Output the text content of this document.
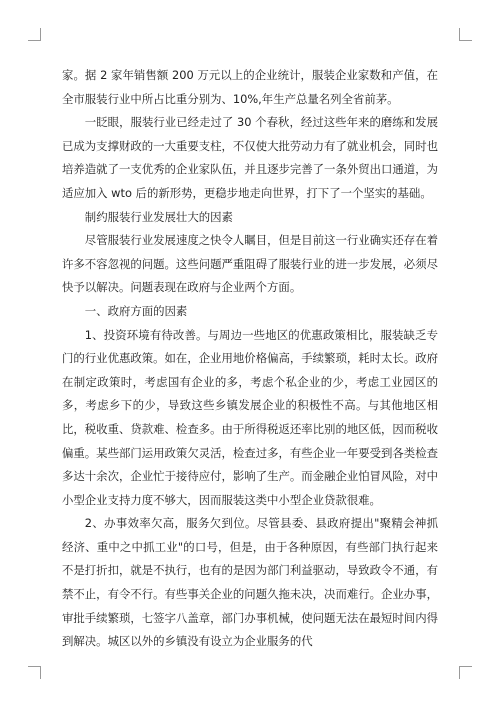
家。据 2 家年销售额 200 万元以上的企业统计，服装企业家数和产值，在全市服装行业中所占比重分别为、10%,年生产总量名列全省前茅。

一眨眼，服装行业已经走过了 30 个春秋，经过这些年来的磨练和发展已成为支撑财政的一大重要支柱，不仅使大批劳动力有了就业机会，同时也培养造就了一支优秀的企业家队伍，并且逐步完善了一条外贸出口通道，为适应加入 wto 后的新形势，更稳步地走向世界，打下了一个坚实的基础。

制约服装行业发展壮大的因素

尽管服装行业发展速度之快令人瞩目，但是目前这一行业确实还存在着许多不容忽视的问题。这些问题严重阻碍了服装行业的进一步发展，必须尽快予以解决。问题表现在政府与企业两个方面。

一、政府方面的因素

1、投资环境有待改善。与周边一些地区的优惠政策相比，服装缺乏专门的行业优惠政策。如在，企业用地价格偏高，手续繁琐，耗时太长。政府在制定政策时，考虑国有企业的多，考虑个私企业的少，考虑工业园区的多，考虑乡下的少，导致这些乡镇发展企业的积极性不高。与其他地区相比，税收重、贷款难、检查多。由于所得税返还率比别的地区低，因而税收偏重。某些部门运用政策欠灵活，检查过多，有些企业一年要受到各类检查多达十余次，企业忙于接待应付，影响了生产。而金融企业怕冒风险，对中小型企业支持力度不够大，因而服装这类中小型企业贷款很难。

2、办事效率欠高，服务欠到位。尽管县委、县政府提出"聚精会神抓经济、重中之中抓工业"的口号，但是，由于各种原因，有些部门执行起来不是打折扣，就是不执行，也有的是因为部门利益驱动，导致政令不通，有禁不止，有令不行。有些事关企业的问题久拖未决，决而难行。企业办事，审批手续繁琐，七签字八盖章，部门办事机械，使问题无法在最短时间内得到解决。城区以外的乡镇没有设立为企业服务的代
